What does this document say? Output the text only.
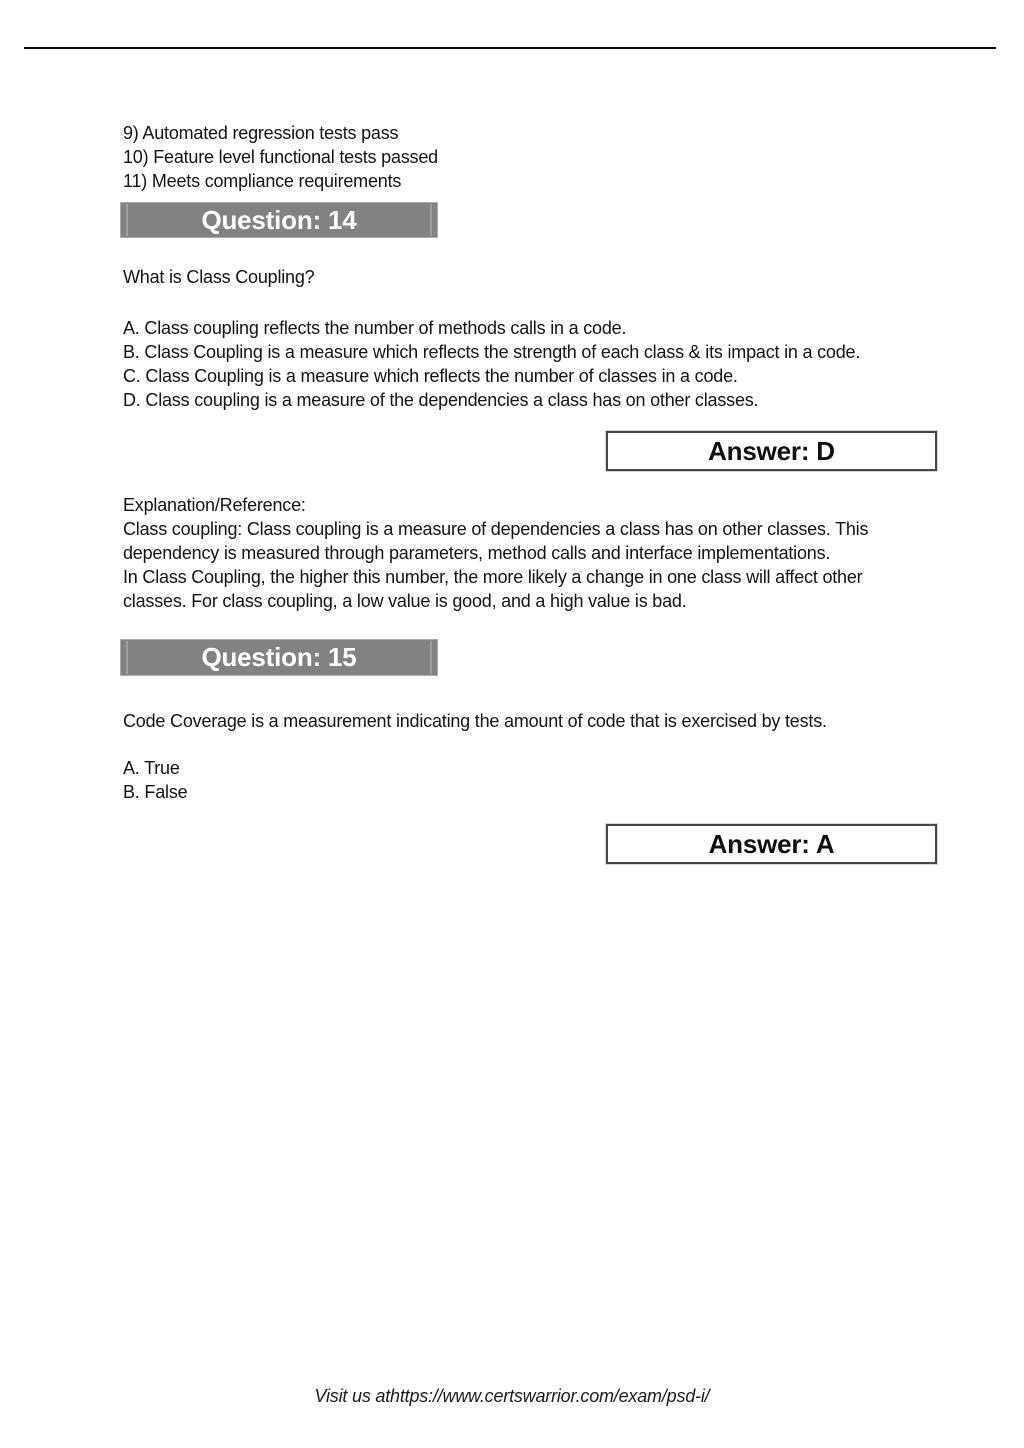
9) Automated regression tests pass
10) Feature level functional tests passed
11) Meets compliance requirements
Question: 14
What is Class Coupling?
A. Class coupling reflects the number of methods calls in a code.
B. Class Coupling is a measure which reflects the strength of each class & its impact in a code.
C. Class Coupling is a measure which reflects the number of classes in a code.
D. Class coupling is a measure of the dependencies a class has on other classes.
Answer: D
Explanation/Reference:
Class coupling: Class coupling is a measure of dependencies a class has on other classes. This
dependency is measured through parameters, method calls and interface implementations.
In Class Coupling, the higher this number, the more likely a change in one class will affect other
classes. For class coupling, a low value is good, and a high value is bad.
Question: 15
Code Coverage is a measurement indicating the amount of code that is exercised by tests.
A. True
B. False
Answer: A
Visit us athttps://www.certswarrior.com/exam/psd-i/
